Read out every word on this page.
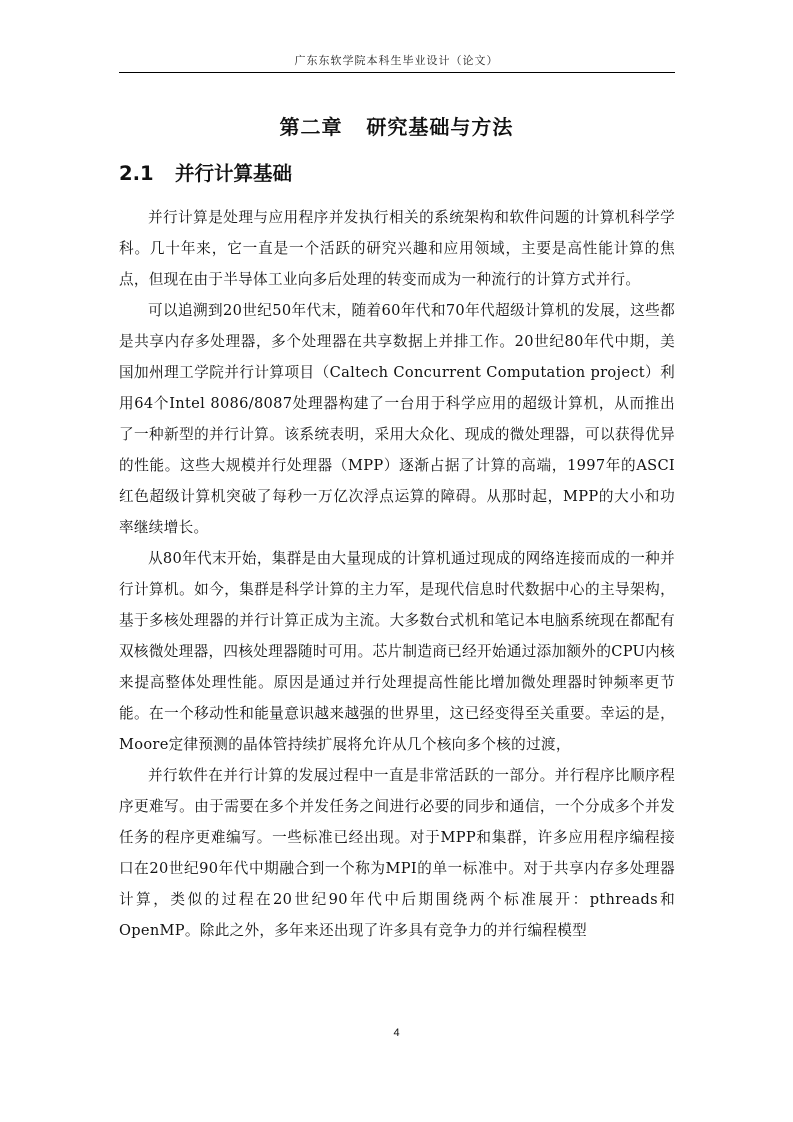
广东东软学院本科生毕业设计（论文）
第二章   研究基础与方法
2.1 并行计算基础

并行计算是处理与应用程序并发执行相关的系统架构和软件问题的计算机科学学科。几十年来，它一直是一个活跃的研究兴趣和应用领域，主要是高性能计算的焦点，但现在由于半导体工业向多后处理的转变而成为一种流行的计算方式并行。

可以追溯到20世纪50年代末，随着60年代和70年代超级计算机的发展，这些都是共享内存多处理器，多个处理器在共享数据上并排工作。20世纪80年代中期，美国加州理工学院并行计算项目（Caltech Concurrent Computation project）利用64个Intel 8086/8087处理器构建了一台用于科学应用的超级计算机，从而推出了一种新型的并行计算。该系统表明，采用大众化、现成的微处理器，可以获得优异的性能。这些大规模并行处理器（MPP）逐渐占据了计算的高端，1997年的ASCI红色超级计算机突破了每秒一万亿次浮点运算的障碍。从那时起，MPP的大小和功率继续增长。

从80年代末开始，集群是由大量现成的计算机通过现成的网络连接而成的一种并行计算机。如今，集群是科学计算的主力军，是现代信息时代数据中心的主导架构，基于多核处理器的并行计算正成为主流。大多数台式机和笔记本电脑系统现在都配有双核微处理器，四核处理器随时可用。芯片制造商已经开始通过添加额外的CPU内核来提高整体处理性能。原因是通过并行处理提高性能比增加微处理器时钟频率更节能。在一个移动性和能量意识越来越强的世界里，这已经变得至关重要。幸运的是，Moore定律预测的晶体管持续扩展将允许从几个核向多个核的过渡，

并行软件在并行计算的发展过程中一直是非常活跃的一部分。并行程序比顺序程序更难写。由于需要在多个并发任务之间进行必要的同步和通信，一个分成多个并发任务的程序更难编写。一些标准已经出现。对于MPP和集群，许多应用程序编程接口在20世纪90年代中期融合到一个称为MPI的单一标准中。对于共享内存多处理器计算，类似的过程在20世纪90年代中后期围绕两个标准展开：pthreads和OpenMP。除此之外，多年来还出现了许多具有竞争力的并行编程模型

4
